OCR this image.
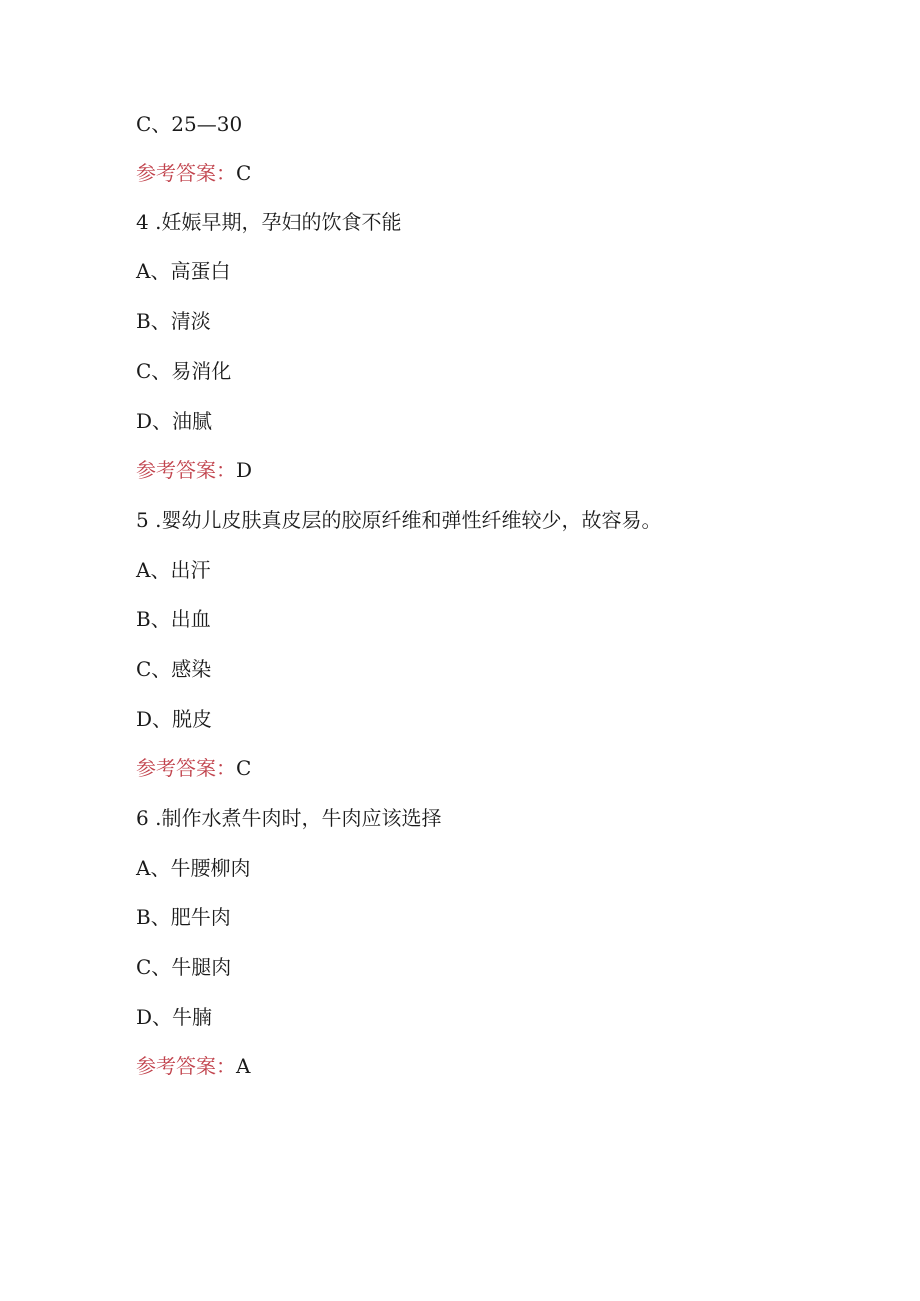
C、25—30
参考答案：C
4 .妊娠早期，孕妇的饮食不能
A、高蛋白
B、清淡
C、易消化
D、油腻
参考答案：D
5 .婴幼儿皮肤真皮层的胶原纤维和弹性纤维较少，故容易。
A、出汗
B、出血
C、感染
D、脱皮
参考答案：C
6 .制作水煮牛肉时，牛肉应该选择
A、牛腰柳肉
B、肥牛肉
C、牛腿肉
D、牛腩
参考答案：A
